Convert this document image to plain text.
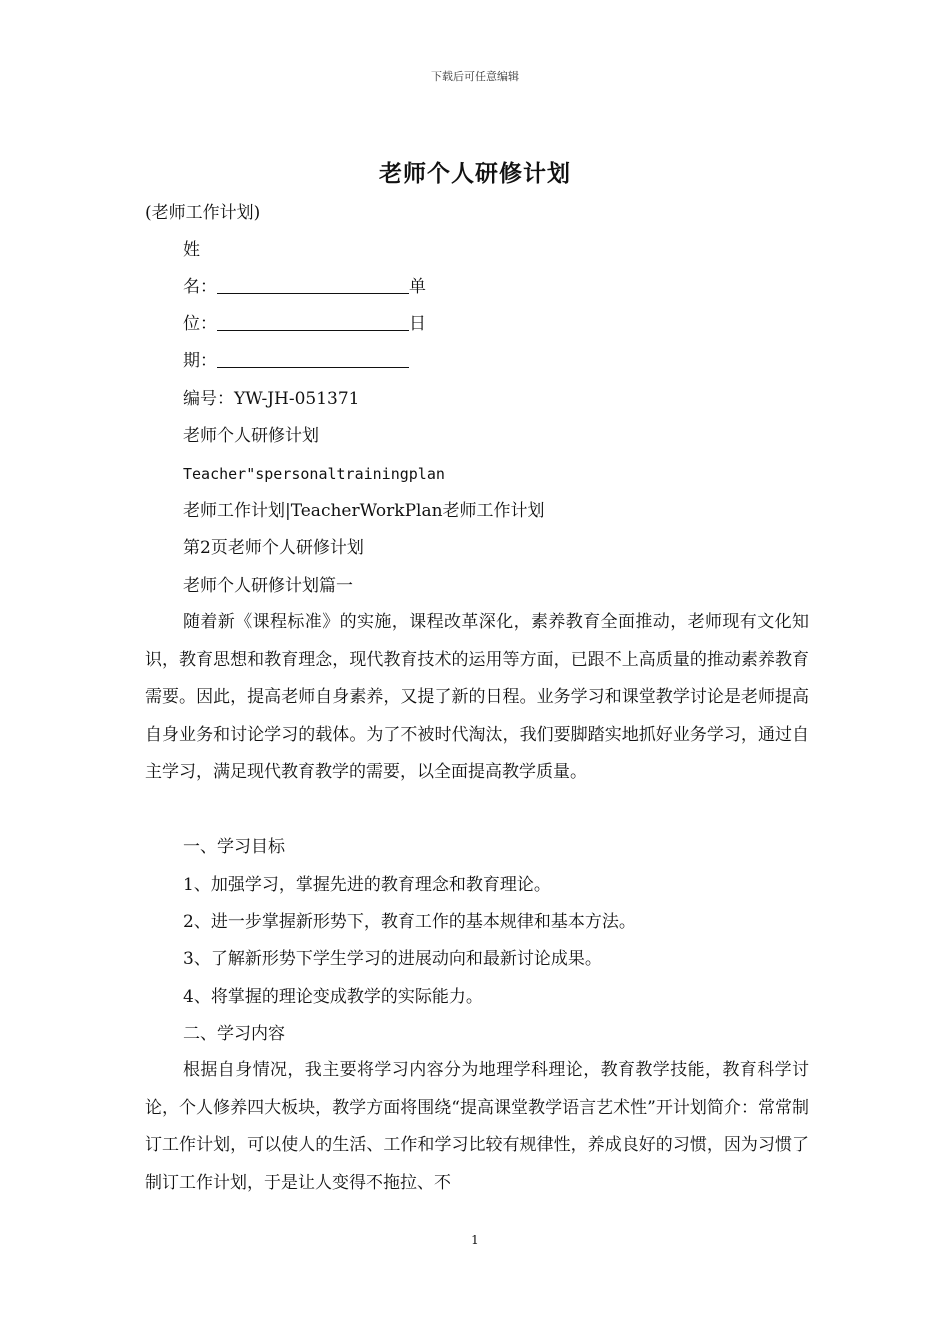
下载后可任意编辑
老师个人研修计划
(老师工作计划)
姓
名：	单
位：	日
期：
编号：YW-JH-051371
老师个人研修计划
Teacher"spersonaltrainingplan
老师工作计划|TeacherWorkPlan老师工作计划
第2页老师个人研修计划
老师个人研修计划篇一
随着新《课程标准》的实施，课程改革深化，素养教育全面推动，老师现有文化知识，教育思想和教育理念，现代教育技术的运用等方面，已跟不上高质量的推动素养教育需要。因此，提高老师自身素养，又提了新的日程。业务学习和课堂教学讨论是老师提高自身业务和讨论学习的载体。为了不被时代淘汰，我们要脚踏实地抓好业务学习，通过自主学习，满足现代教育教学的需要，以全面提高教学质量。
一、学习目标
1、加强学习，掌握先进的教育理念和教育理论。
2、进一步掌握新形势下，教育工作的基本规律和基本方法。
3、了解新形势下学生学习的进展动向和最新讨论成果。
4、将掌握的理论变成教学的实际能力。
二、学习内容
根据自身情况，我主要将学习内容分为地理学科理论，教育教学技能，教育科学讨论，个人修养四大板块，教学方面将围绕“提高课堂教学语言艺术性”开计划简介：常常制订工作计划，可以使人的生活、工作和学习比较有规律性，养成良好的习惯，因为习惯了制订工作计划，于是让人变得不拖拉、不
1
